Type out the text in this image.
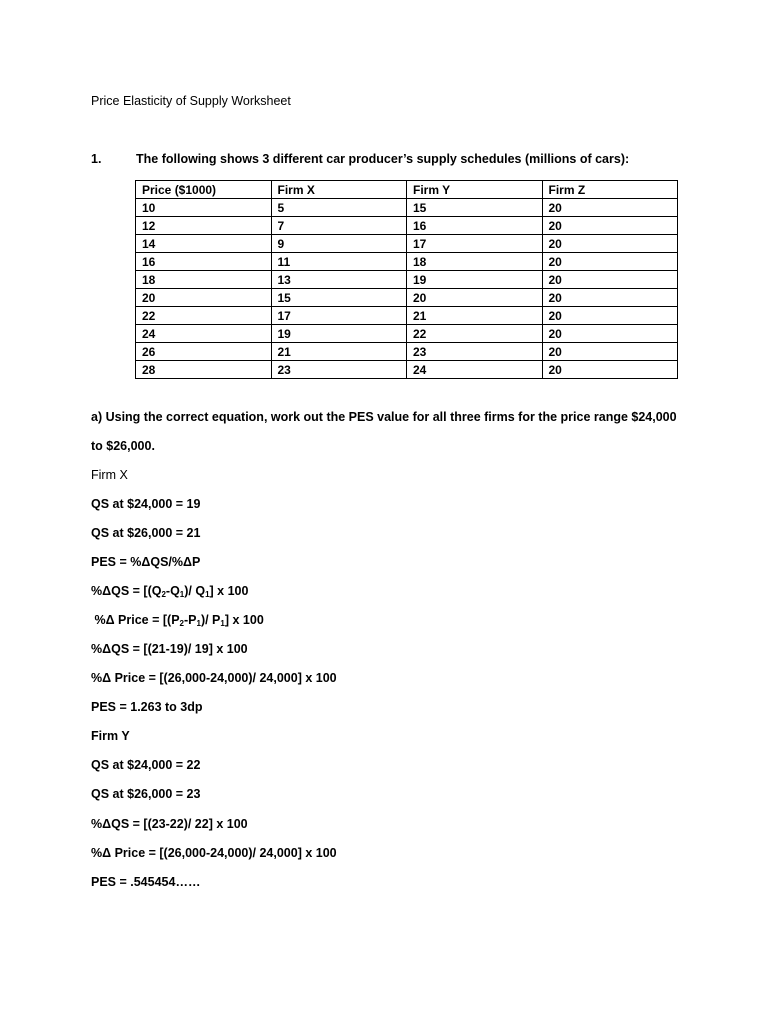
Price Elasticity of Supply Worksheet
1.	The following shows 3 different car producer’s supply schedules (millions of cars):
Price ($1000)	Firm X	Firm Y	Firm Z
10	5	15	20
12	7	16	20
14	9	17	20
16	11	18	20
18	13	19	20
20	15	20	20
22	17	21	20
24	19	22	20
26	21	23	20
28	23	24	20
a) Using the correct equation, work out the PES value for all three firms for the price range $24,000
to $26,000.
Firm X
QS at $24,000 = 19
QS at $26,000 = 21
PES = %ΔQS/%ΔP
$\%\Delta QS = [(Q_2-Q_1)/$ $Q_1$] x 100
%Δ Price = [$(P_2-P_1)/$ $P_1$] x 100
%ΔQS = [(21-19)/ 19] x 100
%Δ Price = [(26,000-24,000)/ 24,000] x 100
PES = 1.263 to 3dp
Firm Y
QS at $24,000 = 22
QS at $26,000 = 23
%ΔQS = [(23-22)/ 22] x 100
%Δ Price = [(26,000-24,000)/ 24,000] x 100
PES = .545454……
